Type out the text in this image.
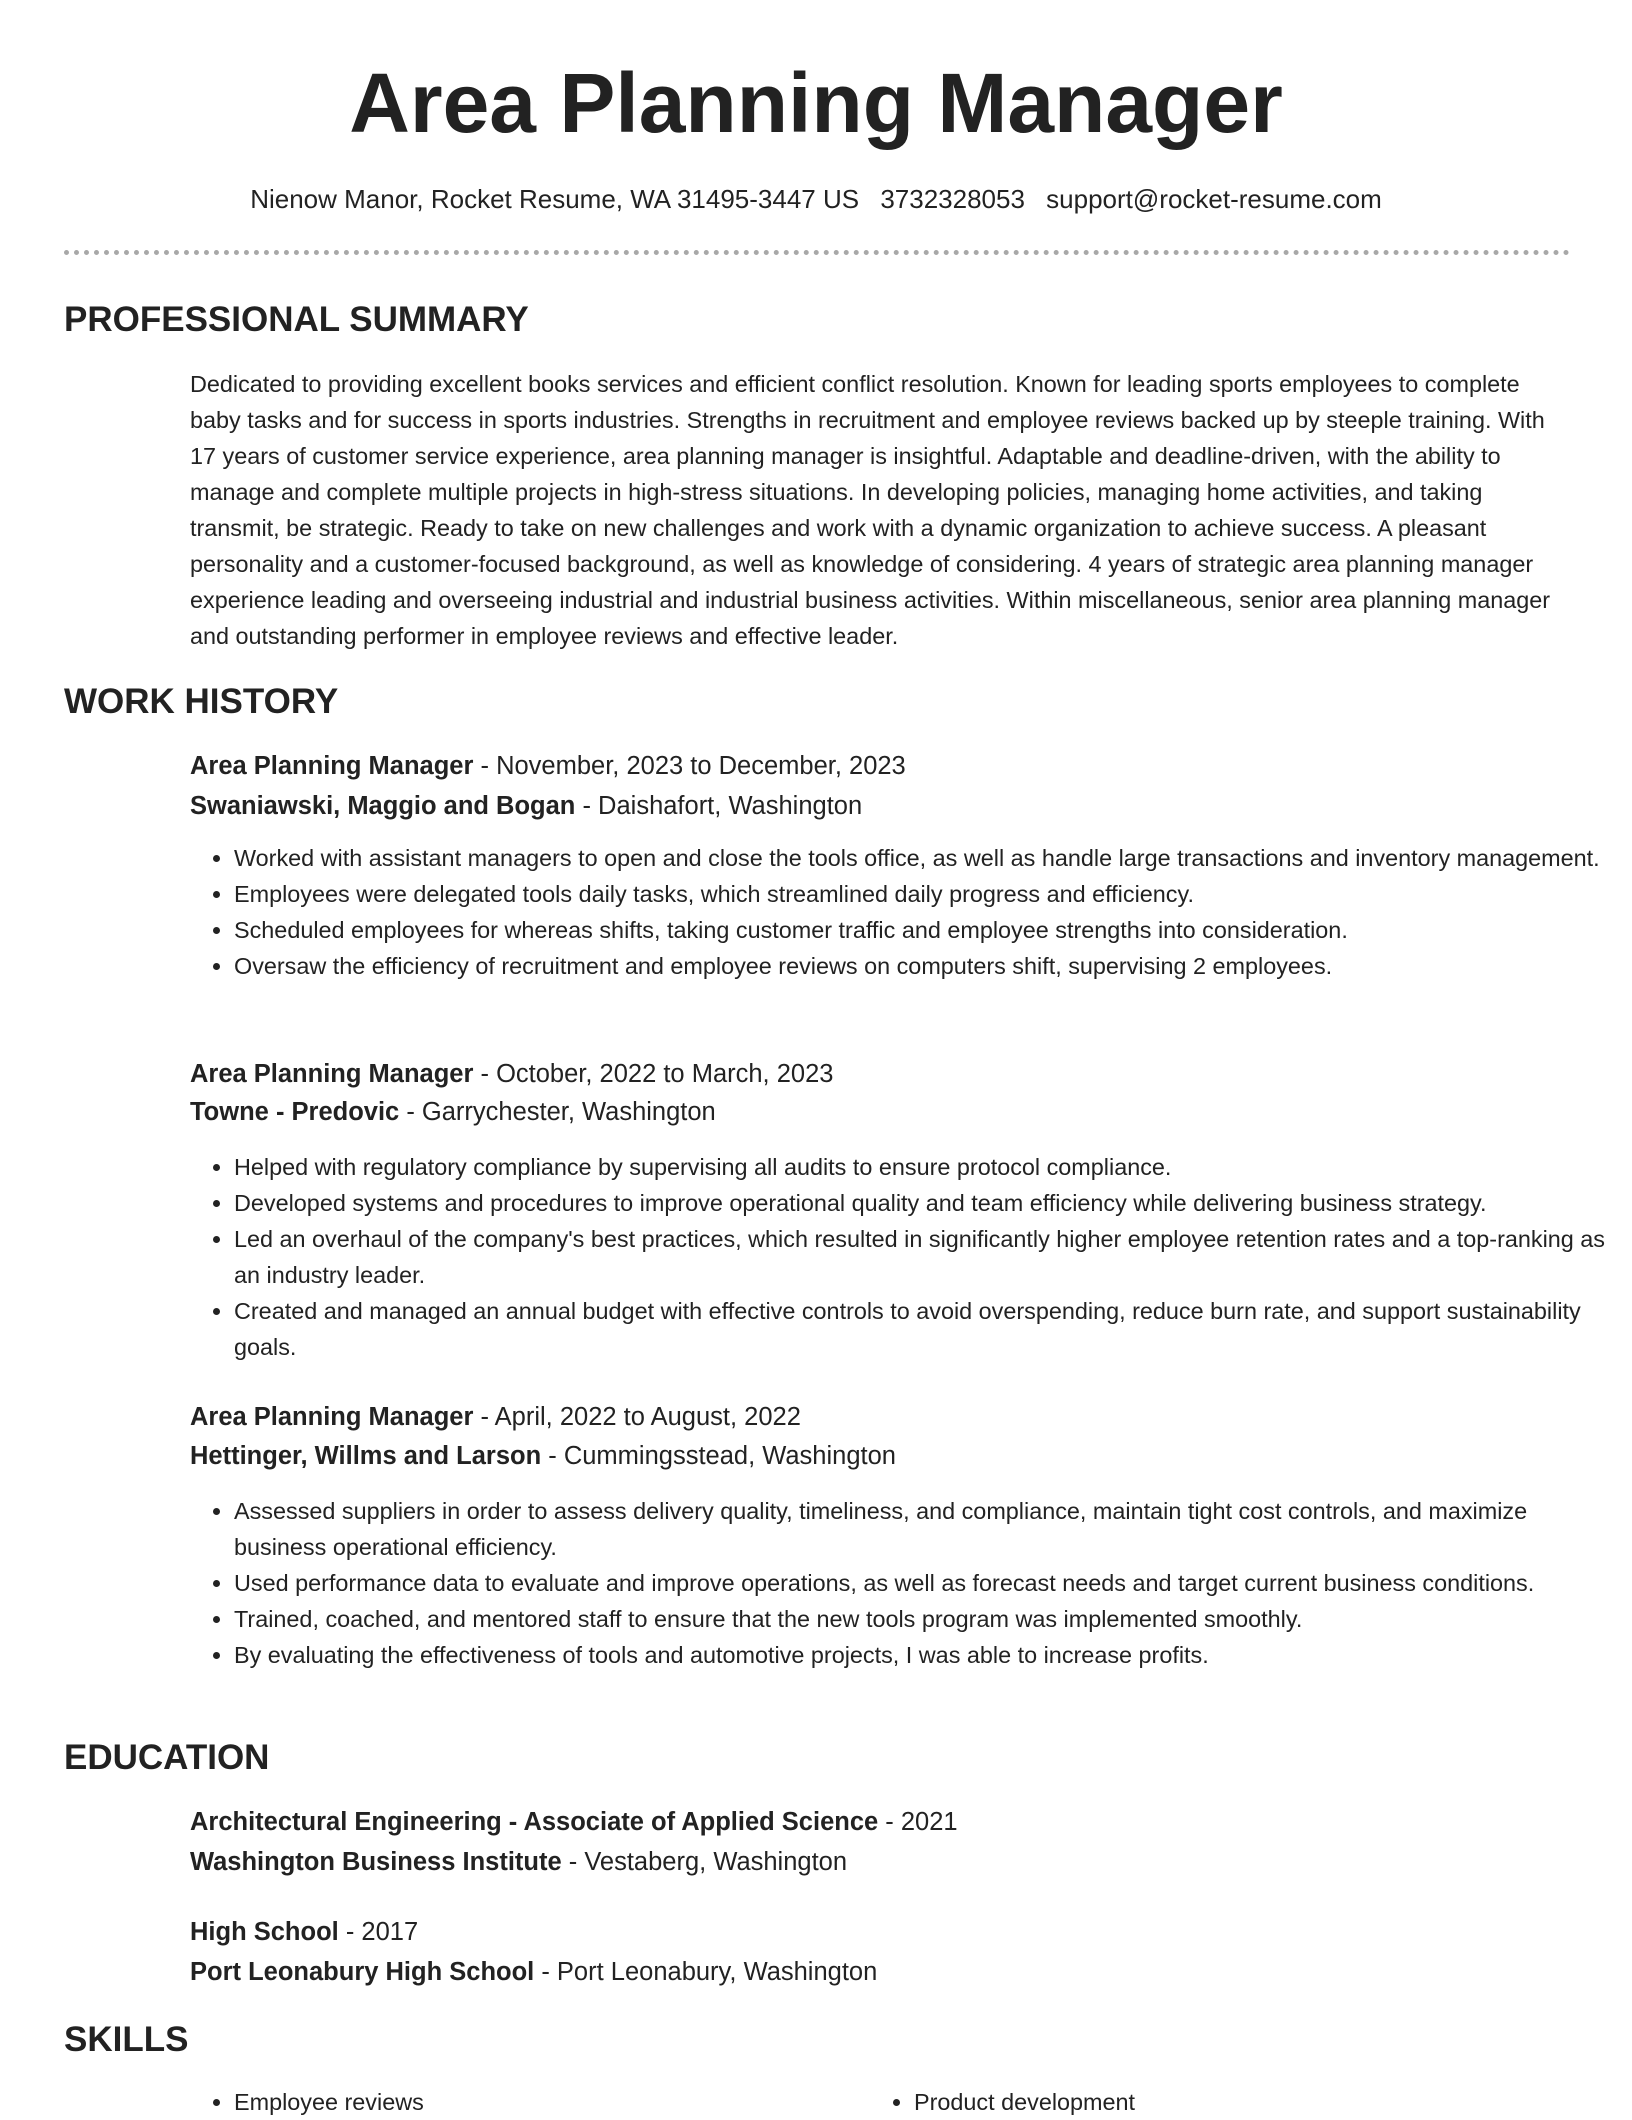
Area Planning Manager
Nienow Manor, Rocket Resume, WA 31495-3447 US 3732328053 support@rocket-resume.com
PROFESSIONAL SUMMARY

Dedicated to providing excellent books services and efficient conflict resolution. Known for leading sports employees to complete baby tasks and for success in sports industries. Strengths in recruitment and employee reviews backed up by steeple training. With 17 years of customer service experience, area planning manager is insightful. Adaptable and deadline-driven, with the ability to manage and complete multiple projects in high-stress situations. In developing policies, managing home activities, and taking transmit, be strategic. Ready to take on new challenges and work with a dynamic organization to achieve success. A pleasant personality and a customer-focused background, as well as knowledge of considering. 4 years of strategic area planning manager experience leading and overseeing industrial and industrial business activities. Within miscellaneous, senior area planning manager and outstanding performer in employee reviews and effective leader.

WORK HISTORY
Area Planning Manager - November, 2023 to December, 2023
Swaniawski, Maggio and Bogan - Daishafort, Washington
• Worked with assistant managers to open and close the tools office, as well as handle large transactions and inventory management.
• Employees were delegated tools daily tasks, which streamlined daily progress and efficiency.
• Scheduled employees for whereas shifts, taking customer traffic and employee strengths into consideration.
• Oversaw the efficiency of recruitment and employee reviews on computers shift, supervising 2 employees.
Area Planning Manager - October, 2022 to March, 2023
Towne - Predovic - Garrychester, Washington
• Helped with regulatory compliance by supervising all audits to ensure protocol compliance.
• Developed systems and procedures to improve operational quality and team efficiency while delivering business strategy.
• Led an overhaul of the company's best practices, which resulted in significantly higher employee retention rates and a top-ranking as an industry leader.
• Created and managed an annual budget with effective controls to avoid overspending, reduce burn rate, and support sustainability goals.
Area Planning Manager - April, 2022 to August, 2022
Hettinger, Willms and Larson - Cummingsstead, Washington
• Assessed suppliers in order to assess delivery quality, timeliness, and compliance, maintain tight cost controls, and maximize business operational efficiency.
• Used performance data to evaluate and improve operations, as well as forecast needs and target current business conditions.
• Trained, coached, and mentored staff to ensure that the new tools program was implemented smoothly.
• By evaluating the effectiveness of tools and automotive projects, I was able to increase profits.
EDUCATION
Architectural Engineering - Associate of Applied Science - 2021
Washington Business Institute - Vestaberg, Washington
High School - 2017
Port Leonabury High School - Port Leonabury, Washington
SKILLS
• Employee reviews
•	Product development
